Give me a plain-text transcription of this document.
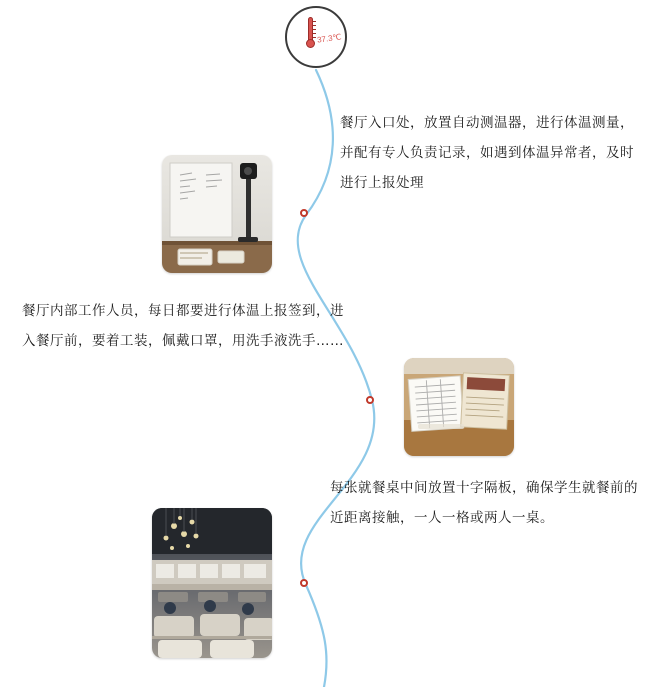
37.3℃
餐厅入口处，放置自动测温器，进行体温测量，并配有专人负责记录，如遇到体温异常者，及时进行上报处理
餐厅内部工作人员，每日都要进行体温上报签到，进入餐厅前，要着工装，佩戴口罩，用洗手液洗手……
每张就餐桌中间放置十字隔板，确保学生就餐前的近距离接触，一人一格或两人一桌。
